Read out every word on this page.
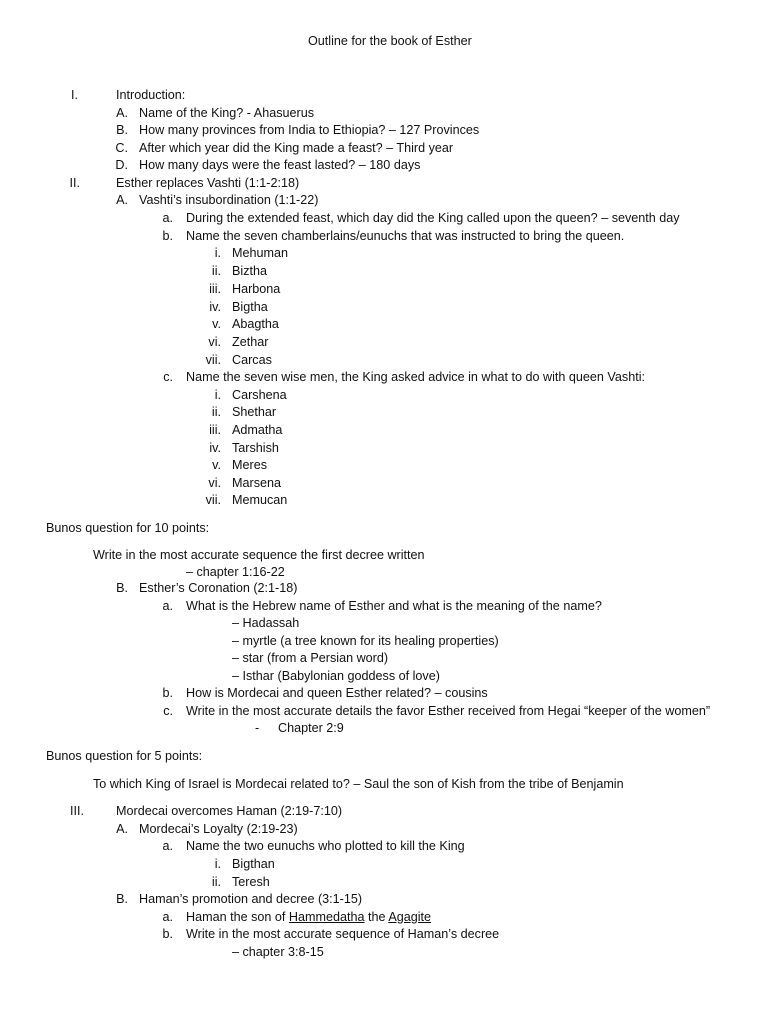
Outline for the book of Esther
I.	Introduction:
A. Name of the King? - Ahasuerus
B. How many provinces from India to Ethiopia? – 127 Provinces
C. After which year did the King made a feast? – Third year
D. How many days were the feast lasted? – 180 days
II.	Esther replaces Vashti (1:1-2:18)
A. Vashti’s insubordination (1:1-22)
a. During the extended feast, which day did the King called upon the queen? – seventh day
b. Name the seven chamberlains/eunuchs that was instructed to bring the queen.
i. Mehuman
ii. Biztha
iii. Harbona
iv. Bigtha
v. Abagtha
vi. Zethar
vii. Carcas
c. Name the seven wise men, the King asked advice in what to do with queen Vashti:
i. Carshena
ii. Shethar
iii. Admatha
iv. Tarshish
v. Meres
vi. Marsena
vii. Memucan
Bunos question for 10 points:
Write in the most accurate sequence the first decree written
– chapter 1:16-22
B. Esther’s Coronation (2:1-18)
a. What is the Hebrew name of Esther and what is the meaning of the name?
– Hadassah
– myrtle (a tree known for its healing properties)
– star (from a Persian word)
– Isthar (Babylonian goddess of love)
b. How is Mordecai and queen Esther related? – cousins
c. Write in the most accurate details the favor Esther received from Hegai “keeper of the women”
- Chapter 2:9
Bunos question for 5 points:
To which King of Israel is Mordecai related to? – Saul the son of Kish from the tribe of Benjamin
III.	Mordecai overcomes Haman (2:19-7:10)
A. Mordecai’s Loyalty (2:19-23)
a. Name the two eunuchs who plotted to kill the King
i. Bigthan
ii. Teresh
B. Haman’s promotion and decree (3:1-15)
a. Haman the son of Hammedatha the Agagite
b. Write in the most accurate sequence of Haman’s decree
– chapter 3:8-15
